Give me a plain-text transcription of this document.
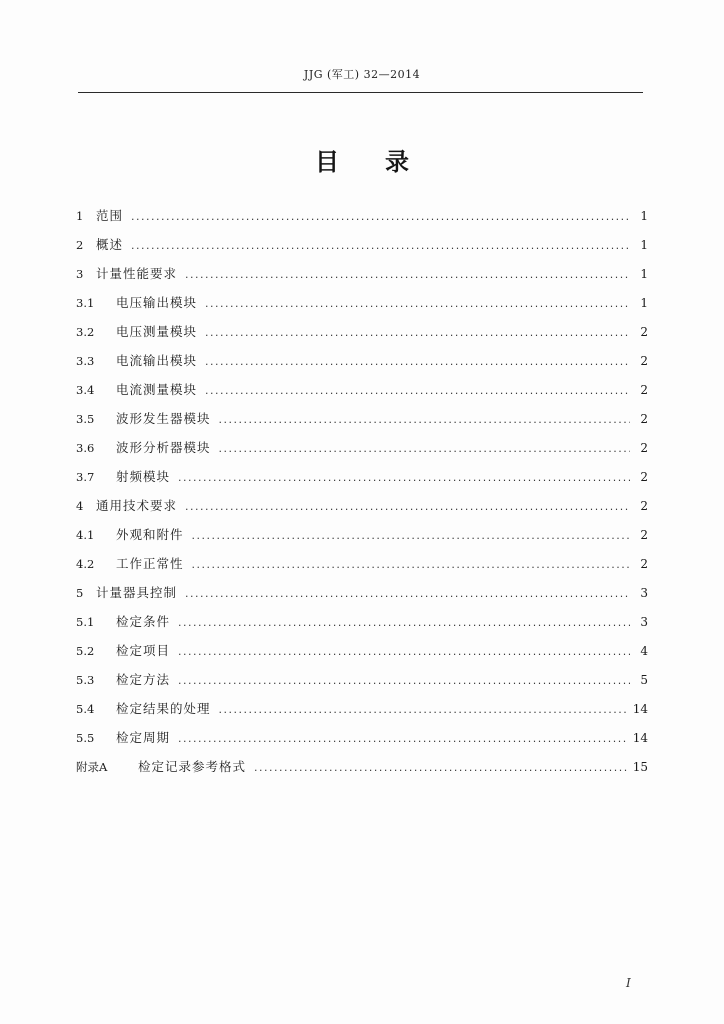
JJG (军工) 32—2014
目录
1	范围 .....	1
2	概述 .....	1
3	计量性能要求 .....	1
3.1	电压输出模块 .....	1
3.2	电压测量模块 .....	2
3.3	电流输出模块 .....	2
3.4	电流测量模块 .....	2
3.5	波形发生器模块 .....	2
3.6	波形分析器模块 .....	2
3.7	射频模块 .....	2
4	通用技术要求 .....	2
4.1	外观和附件 .....	2
4.2	工作正常性 .....	2
5	计量器具控制 .....	3
5.1	检定条件 .....	3
5.2	检定项目 .....	4
5.3	检定方法 .....	5
5.4	检定结果的处理 .....	14
5.5	检定周期 .....	14
附录A	检定记录参考格式 .....	15
I
